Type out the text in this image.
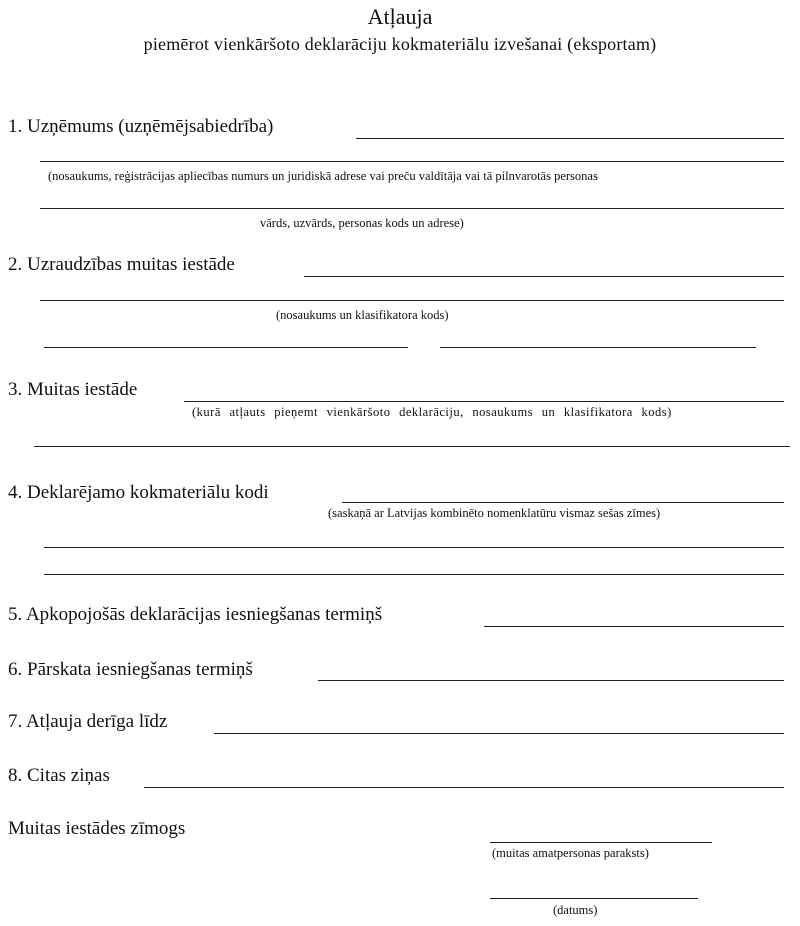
Atļauja
piemērot vienkāršoto deklarāciju kokmateriālu izvešanai (eksportam)
1. Uzņēmums (uzņēmējsabiedrība)
(nosaukums, reģistrācijas apliecības numurs un juridiskā adrese vai preču valdītāja vai tā pilnvarotās personas
vārds, uzvārds, personas kods un adrese)
2. Uzraudzības muitas iestāde
(nosaukums un klasifikatora kods)
3. Muitas iestāde
(kurā atļauts pieņemt vienkāršoto deklarāciju, nosaukums un klasifikatora kods)
4. Deklarējamo kokmateriālu kodi
(saskaņā ar Latvijas kombinēto nomenklatūru vismaz sešas zīmes)
5. Apkopojošās deklarācijas iesniegšanas termiņš
6. Pārskata iesniegšanas termiņš
7. Atļauja derīga līdz
8. Citas ziņas
Muitas iestādes zīmogs
(muitas amatpersonas paraksts)
(datums)
